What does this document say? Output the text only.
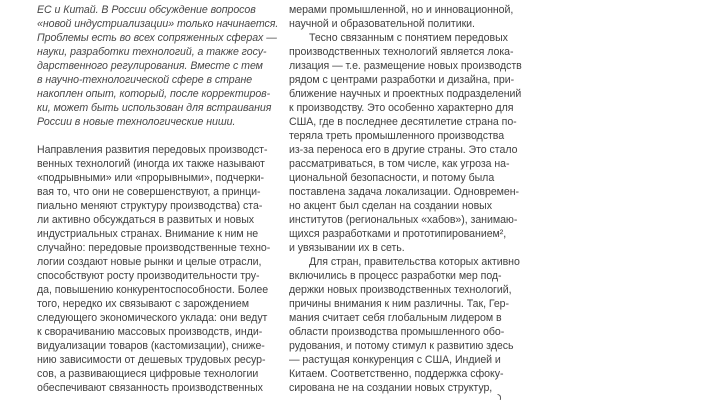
ЕС и Китай. В России обсуждение вопросов
«новой индустриализации» только начинается.
Проблемы есть во всех сопряженных сферах —
науки, разработки технологий, а также госу-
дарственного регулирования. Вместе с тем
в научно-технологической сфере в стране
накоплен опыт, который, после корректиров-
ки, может быть использован для встраивания
России в новые технологические ниши.
Направления развития передовых производст-
венных технологий (иногда их также называют
«подрывными» или «прорывными», подчерки-
вая то, что они не совершенствуют, а принци-
пиально меняют структуру производства) ста-
ли активно обсуждаться в развитых и новых
индустриальных странах. Внимание к ним не
случайно: передовые производственные техно-
логии создают новые рынки и целые отрасли,
способствуют росту производительности тру-
да, повышению конкурентоспособности. Более
того, нередко их связывают с зарождением
следующего экономического уклада: они ведут
к сворачиванию массовых производств, инди-
видуализации товаров (кастомизации), сниже-
нию зависимости от дешевых трудовых ресур-
сов, а развивающиеся цифровые технологии
обеспечивают связанность производственных
мерами промышленной, но и инновационной,
научной и образовательной политики.
Тесно связанным с понятием передовых
производственных технологий является лока-
лизация — т.е. размещение новых производств
рядом с центрами разработки и дизайна, при-
ближение научных и проектных подразделений
к производству. Это особенно характерно для
США, где в последнее десятилетие страна по-
теряла треть промышленного производства
из-за переноса его в другие страны. Это стало
рассматриваться, в том числе, как угроза на-
циональной безопасности, и потому была
поставлена задача локализации. Одновремен-
но акцент был сделан на создании новых
институтов (региональных «хабов»), занимаю-
щихся разработками и прототипированием²,
и увязывании их в сеть.
Для стран, правительства которых активно
включились в процесс разработки мер под-
держки новых производственных технологий,
причины внимания к ним различны. Так, Гер-
мания считает себя глобальным лидером в
области производства промышленного обо-
рудования, и потому стимул к развитию здесь
— растущая конкуренция с США, Индией и
Китаем. Соответственно, поддержка сфоку-
сирована не на создании новых структур,
